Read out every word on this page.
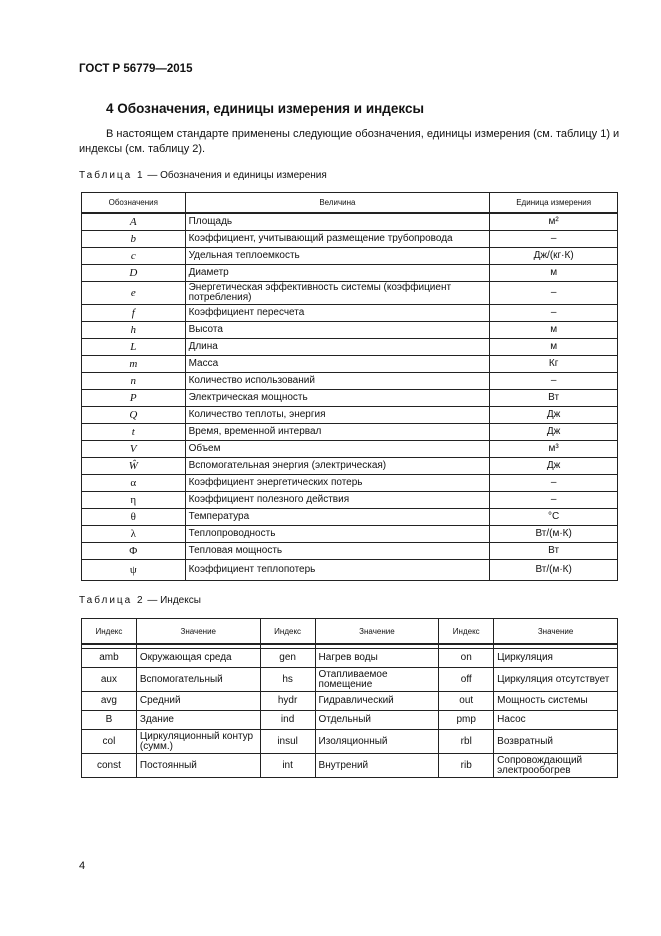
ГОСТ Р 56779—2015
4 Обозначения, единицы измерения и индексы
В настоящем стандарте применены следующие обозначения, единицы измерения (см. таблицу 1) и индексы (см. таблицу 2).
Таблица 1 — Обозначения и единицы измерения
Обозначения	Величина	Единица измерения
A	Площадь	м²
b	Коэффициент, учитывающий размещение трубопровода	–
c	Удельная теплоемкость	Дж/(кг·К)
D	Диаметр	м
e	Энергетическая эффективность системы (коэффициент потребления)	–
f	Коэффициент пересчета	–
h	Высота	м
L	Длина	м
m	Масса	Кг
n	Количество использований	–
P	Электрическая мощность	Вт
Q	Количество теплоты, энергия	Дж
t	Время, временной интервал	Дж
V	Объем	м³
Ŵ	Вспомогательная энергия (электрическая)	Дж
α	Коэффициент энергетических потерь	–
η	Коэффициент полезного действия	–
θ	Температура	°C
λ	Теплопроводность	Вт/(м·К)
Φ	Тепловая мощность	Вт
ψ	Коэффициент теплопотерь	Вт/(м·К)
Таблица 2 — Индексы
Индекс	Значение	Индекс	Значение	Индекс	Значение

amb	Окружающая среда	gen	Нагрев воды	on	Циркуляция
aux	Вспомогательный	hs	Отапливаемое помещение	off	Циркуляция отсутствует
avg	Средний	hydr	Гидравлический	out	Мощность системы
B	Здание	ind	Отдельный	pmp	Насос
col	Циркуляционный контур (сумм.)	insul	Изоляционный	rbl	Возвратный
const	Постоянный	int	Внутрений	rib	Сопровождающий электрообогрев
4
